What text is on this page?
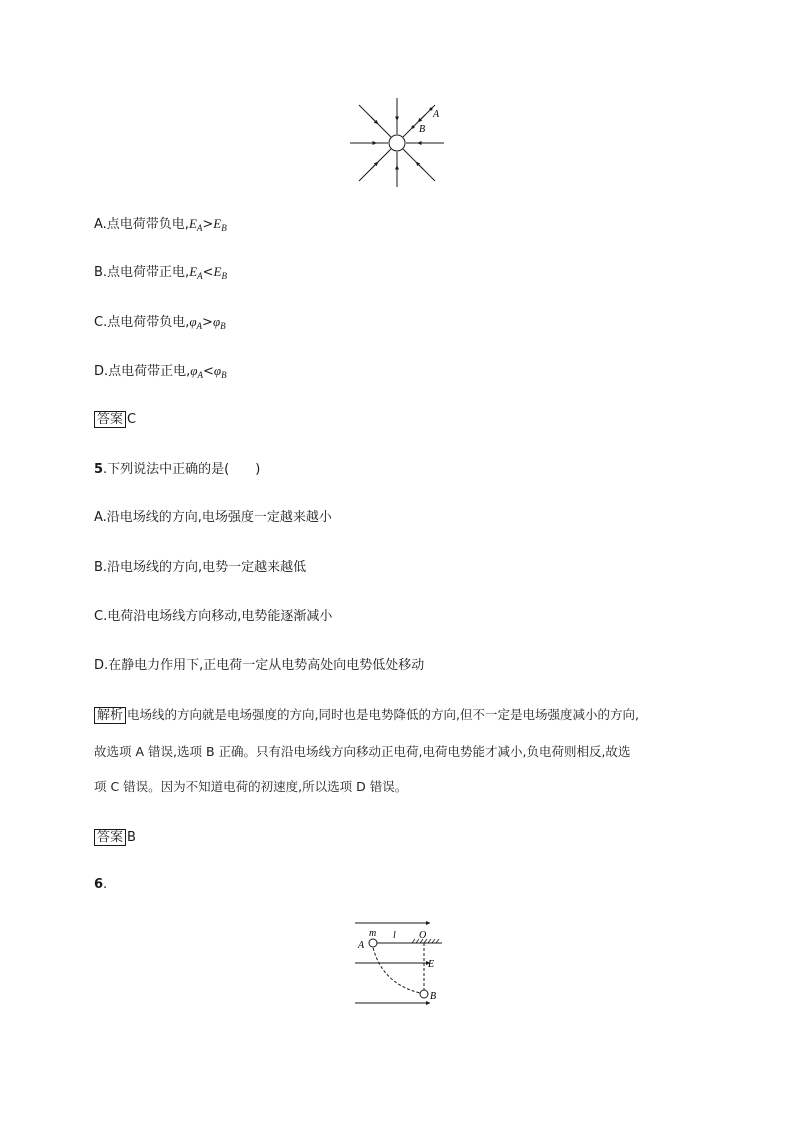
A
B
A.点电荷带负电$,E_A>E_B$
B.点电荷带正电$,E_A<E_B$
C.点电荷带负电$,\varphi_A>\varphi_B$
D.点电荷带正电$,\varphi_A<\varphi_B$
答案 C
5.下列说法中正确的是(　　)
A.沿电场线的方向,电场强度一定越来越小
B.沿电场线的方向,电势一定越来越低
C.电荷沿电场线方向移动,电势能逐渐减小
D.在静电力作用下,正电荷一定从电势高处向电势低处移动
解析 电场线的方向就是电场强度的方向,同时也是电势降低的方向,但不一定是电场强度减小的方向,
故选项 A 错误,选项 B 正确。只有沿电场线方向移动正电荷,电荷电势能才减小,负电荷则相反,故选
项 C 错误。因为不知道电荷的初速度,所以选项 D 错误。
答案 B
6.
A
m l O
E
B
